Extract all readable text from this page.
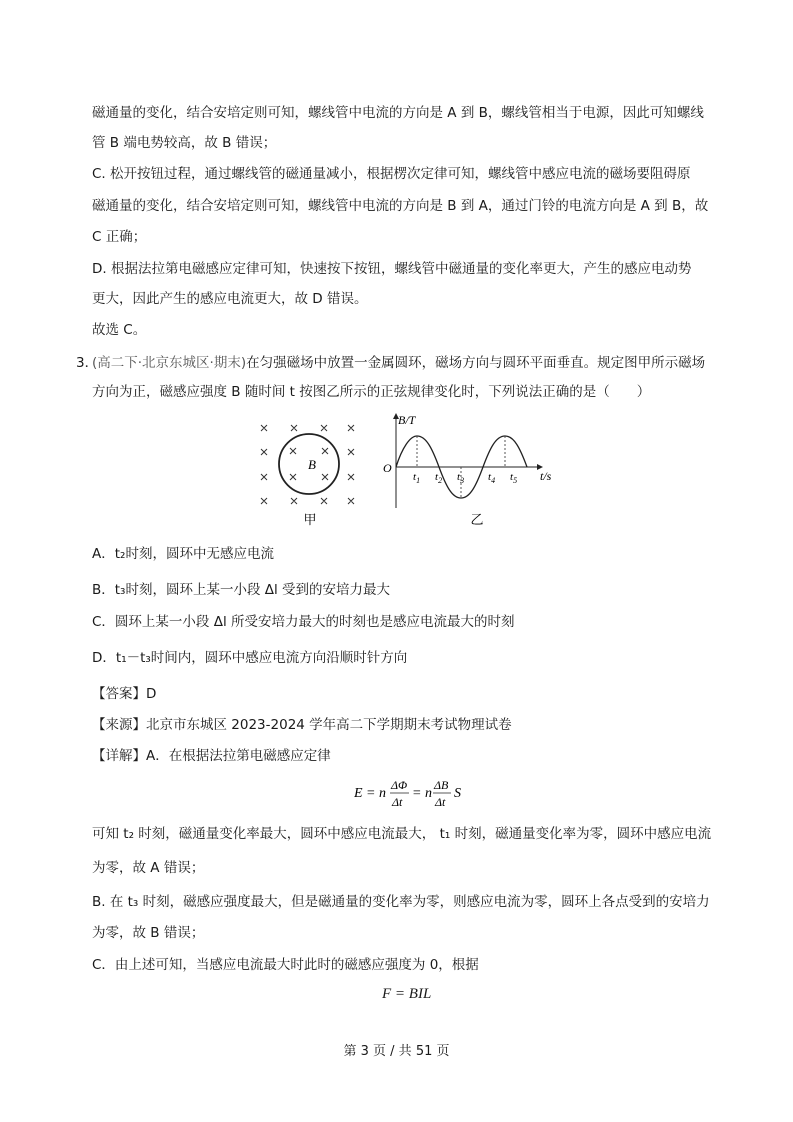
磁通量的变化，结合安培定则可知，螺线管中电流的方向是 A 到 B，螺线管相当于电源，因此可知螺线
管 B 端电势较高，故 B 错误；
C. 松开按钮过程，通过螺线管的磁通量减小，根据楞次定律可知，螺线管中感应电流的磁场要阻碍原
磁通量的变化，结合安培定则可知，螺线管中电流的方向是 B 到 A，通过门铃的电流方向是 A 到 B，故
C 正确；
D. 根据法拉第电磁感应定律可知，快速按下按钮，螺线管中磁通量的变化率更大，产生的感应电动势
更大，因此产生的感应电流更大，故 D 错误。
故选 C。
3．
(高二下·北京东城区·期末)在匀强磁场中放置一金属圆环，磁场方向与圆环平面垂直。规定图甲所示磁场
方向为正，磁感应强度 B 随时间 t 按图乙所示的正弦规律变化时，下列说法正确的是（　　）
B
甲
B/T
O
t/s
$t_1$ $t_2$ $t_3$ $t_4$ $t_5$
乙
A．t₂时刻，圆环中无感应电流
B．t₃时刻，圆环上某一小段 Δl 受到的安培力最大
C．圆环上某一小段 Δl 所受安培力最大的时刻也是感应电流最大的时刻
D．t₁－t₃时间内，圆环中感应电流方向沿顺时针方向
【答案】D
【来源】北京市东城区 2023-2024 学年高二下学期期末考试物理试卷
【详解】A．在根据法拉第电磁感应定律
E = n
ΔΦ
Δt
= n
ΔB
Δt
S
可知 t₂ 时刻，磁通量变化率最大，圆环中感应电流最大， t₁ 时刻，磁通量变化率为零，圆环中感应电流
为零，故 A 错误；
B. 在 t₃ 时刻，磁感应强度最大，但是磁通量的变化率为零，则感应电流为零，圆环上各点受到的安培力
为零，故 B 错误；
C．由上述可知，当感应电流最大时此时的磁感应强度为 0，根据
F = BIL
第 3 页 / 共 51 页
